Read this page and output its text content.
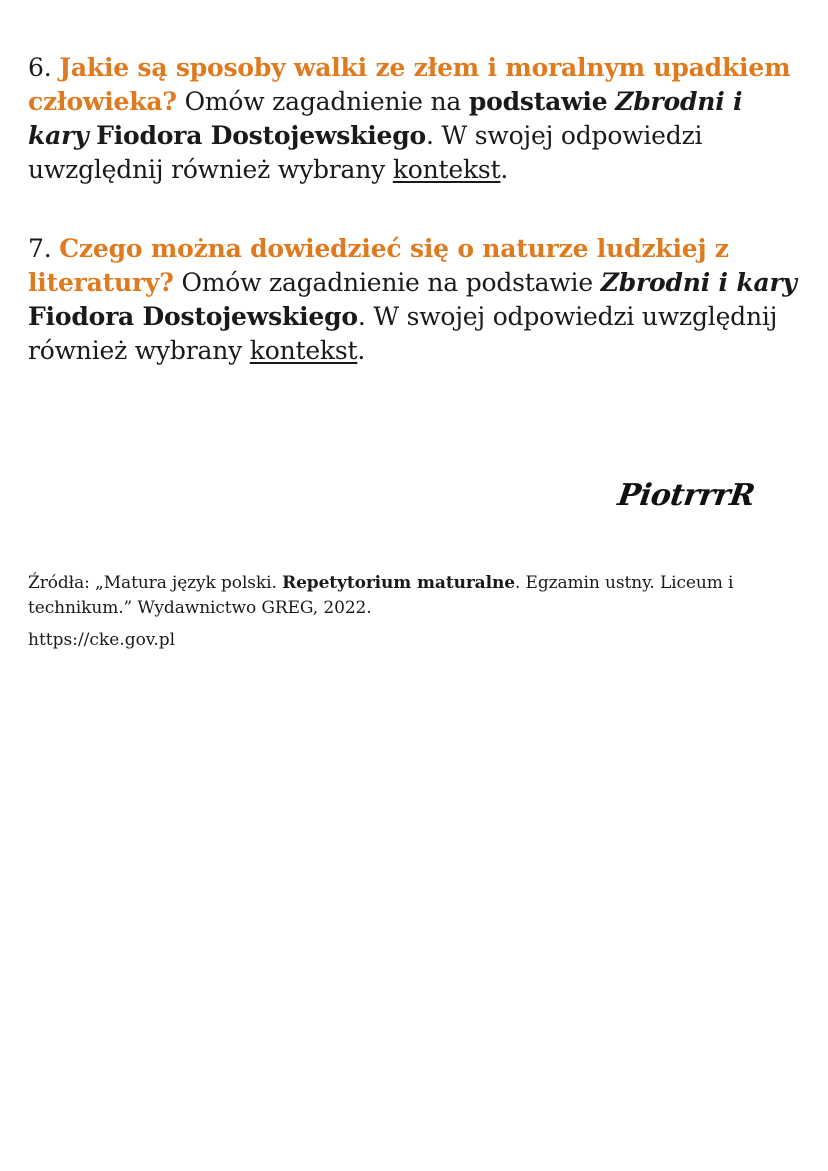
6. Jakie są sposoby walki ze złem i moralnym upadkiem człowieka? Omów zagadnienie na podstawie Zbrodni i kary Fiodora Dostojewskiego. W swojej odpowiedzi uwzględnij również wybrany kontekst.

7. Czego można dowiedzieć się o naturze ludzkiej z literatury? Omów zagadnienie na podstawie Zbrodni i kary Fiodora Dostojewskiego. W swojej odpowiedzi uwzględnij również wybrany kontekst.

PiotrrrR

Źródła: „Matura język polski. Repetytorium maturalne. Egzamin ustny. Liceum i technikum.” Wydawnictwo GREG, 2022.

https://cke.gov.pl
